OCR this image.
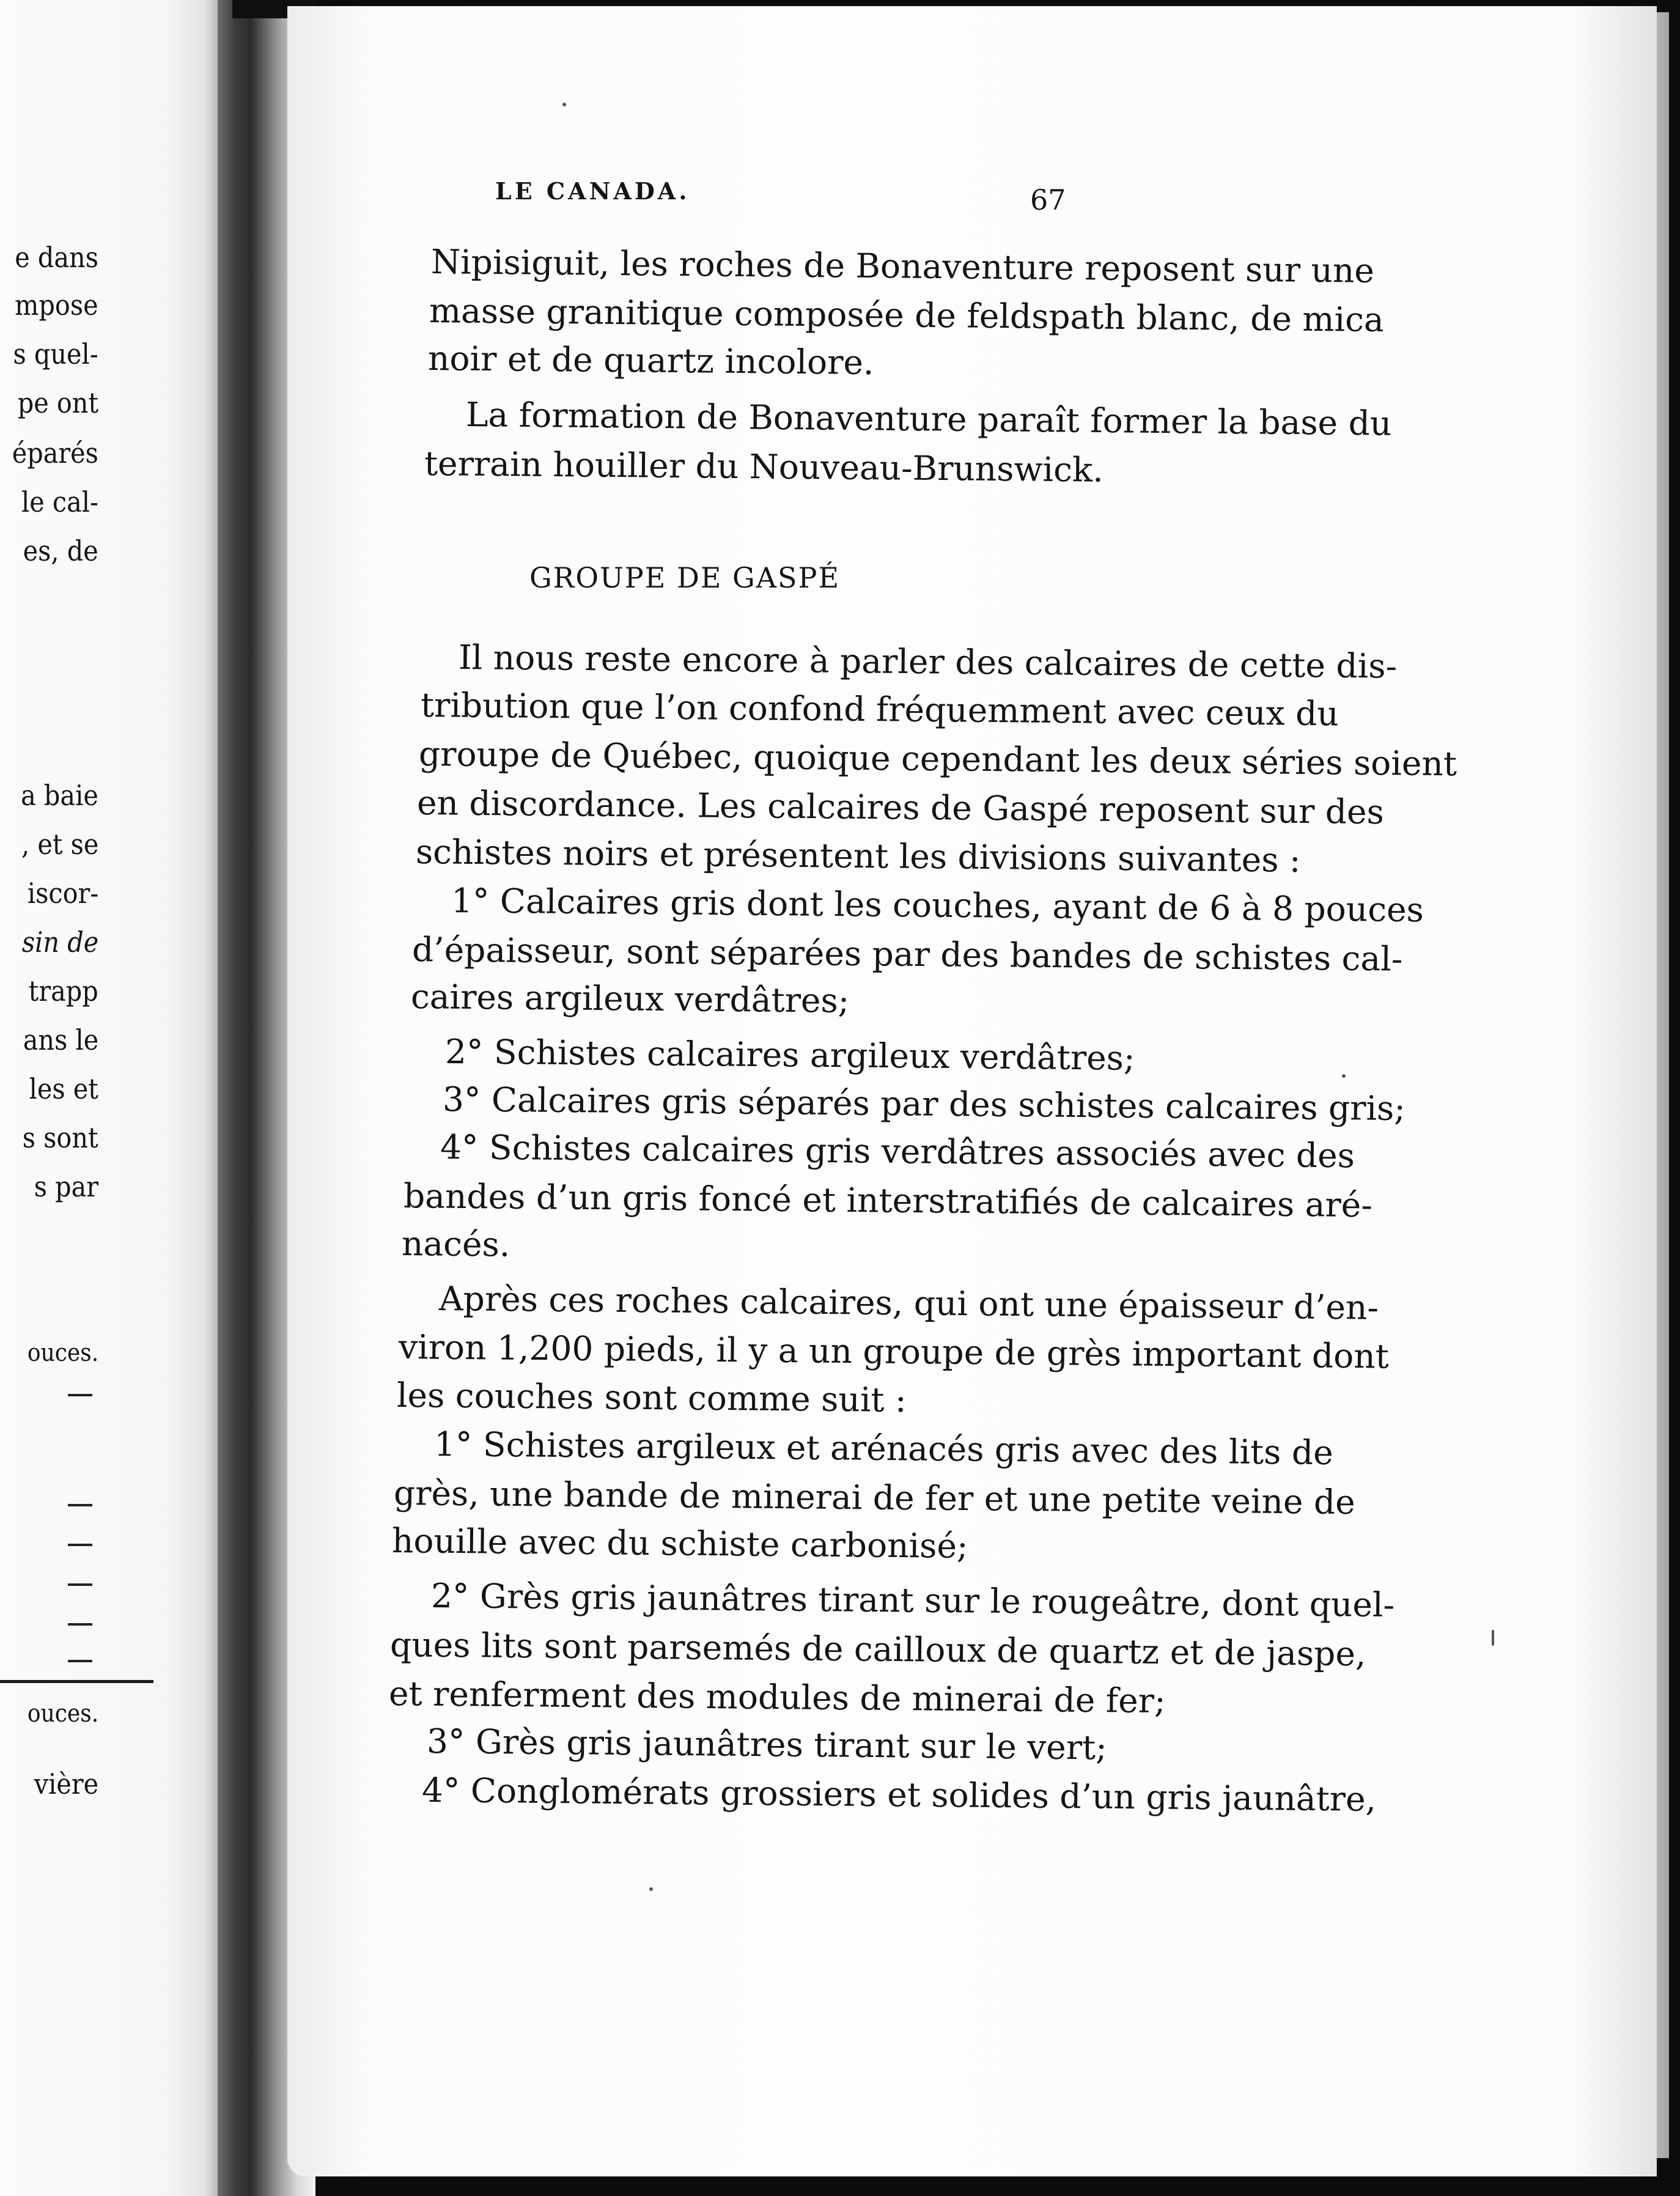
e dans
mpose
s quel-
pe ont
éparés
le cal-
es, de
a baie
, et se
iscor-
sin de
trapp
ans le
les et
s sont
s par
ouces.
ouces.
vière
LE CANADA.	67
Nipisiguit, les roches de Bonaventure reposent sur une
masse granitique composée de feldspath blanc, de mica
noir et de quartz incolore.
La formation de Bonaventure paraît former la base du
terrain houiller du Nouveau-Brunswick.
GROUPE DE GASPÉ
Il nous reste encore à parler des calcaires de cette dis-
tribution que l’on confond fréquemment avec ceux du
groupe de Québec, quoique cependant les deux séries soient
en discordance. Les calcaires de Gaspé reposent sur des
schistes noirs et présentent les divisions suivantes :
1° Calcaires gris dont les couches, ayant de 6 à 8 pouces
d’épaisseur, sont séparées par des bandes de schistes cal-
caires argileux verdâtres;
2° Schistes calcaires argileux verdâtres;
3° Calcaires gris séparés par des schistes calcaires gris;
4° Schistes calcaires gris verdâtres associés avec des
bandes d’un gris foncé et interstratifiés de calcaires aré-
nacés.
Après ces roches calcaires, qui ont une épaisseur d’en-
viron 1,200 pieds, il y a un groupe de grès important dont
les couches sont comme suit :
1° Schistes argileux et arénacés gris avec des lits de
grès, une bande de minerai de fer et une petite veine de
houille avec du schiste carbonisé;
2° Grès gris jaunâtres tirant sur le rougeâtre, dont quel-
ques lits sont parsemés de cailloux de quartz et de jaspe,
et renferment des modules de minerai de fer;
3° Grès gris jaunâtres tirant sur le vert;
4° Conglomérats grossiers et solides d’un gris jaunâtre,
